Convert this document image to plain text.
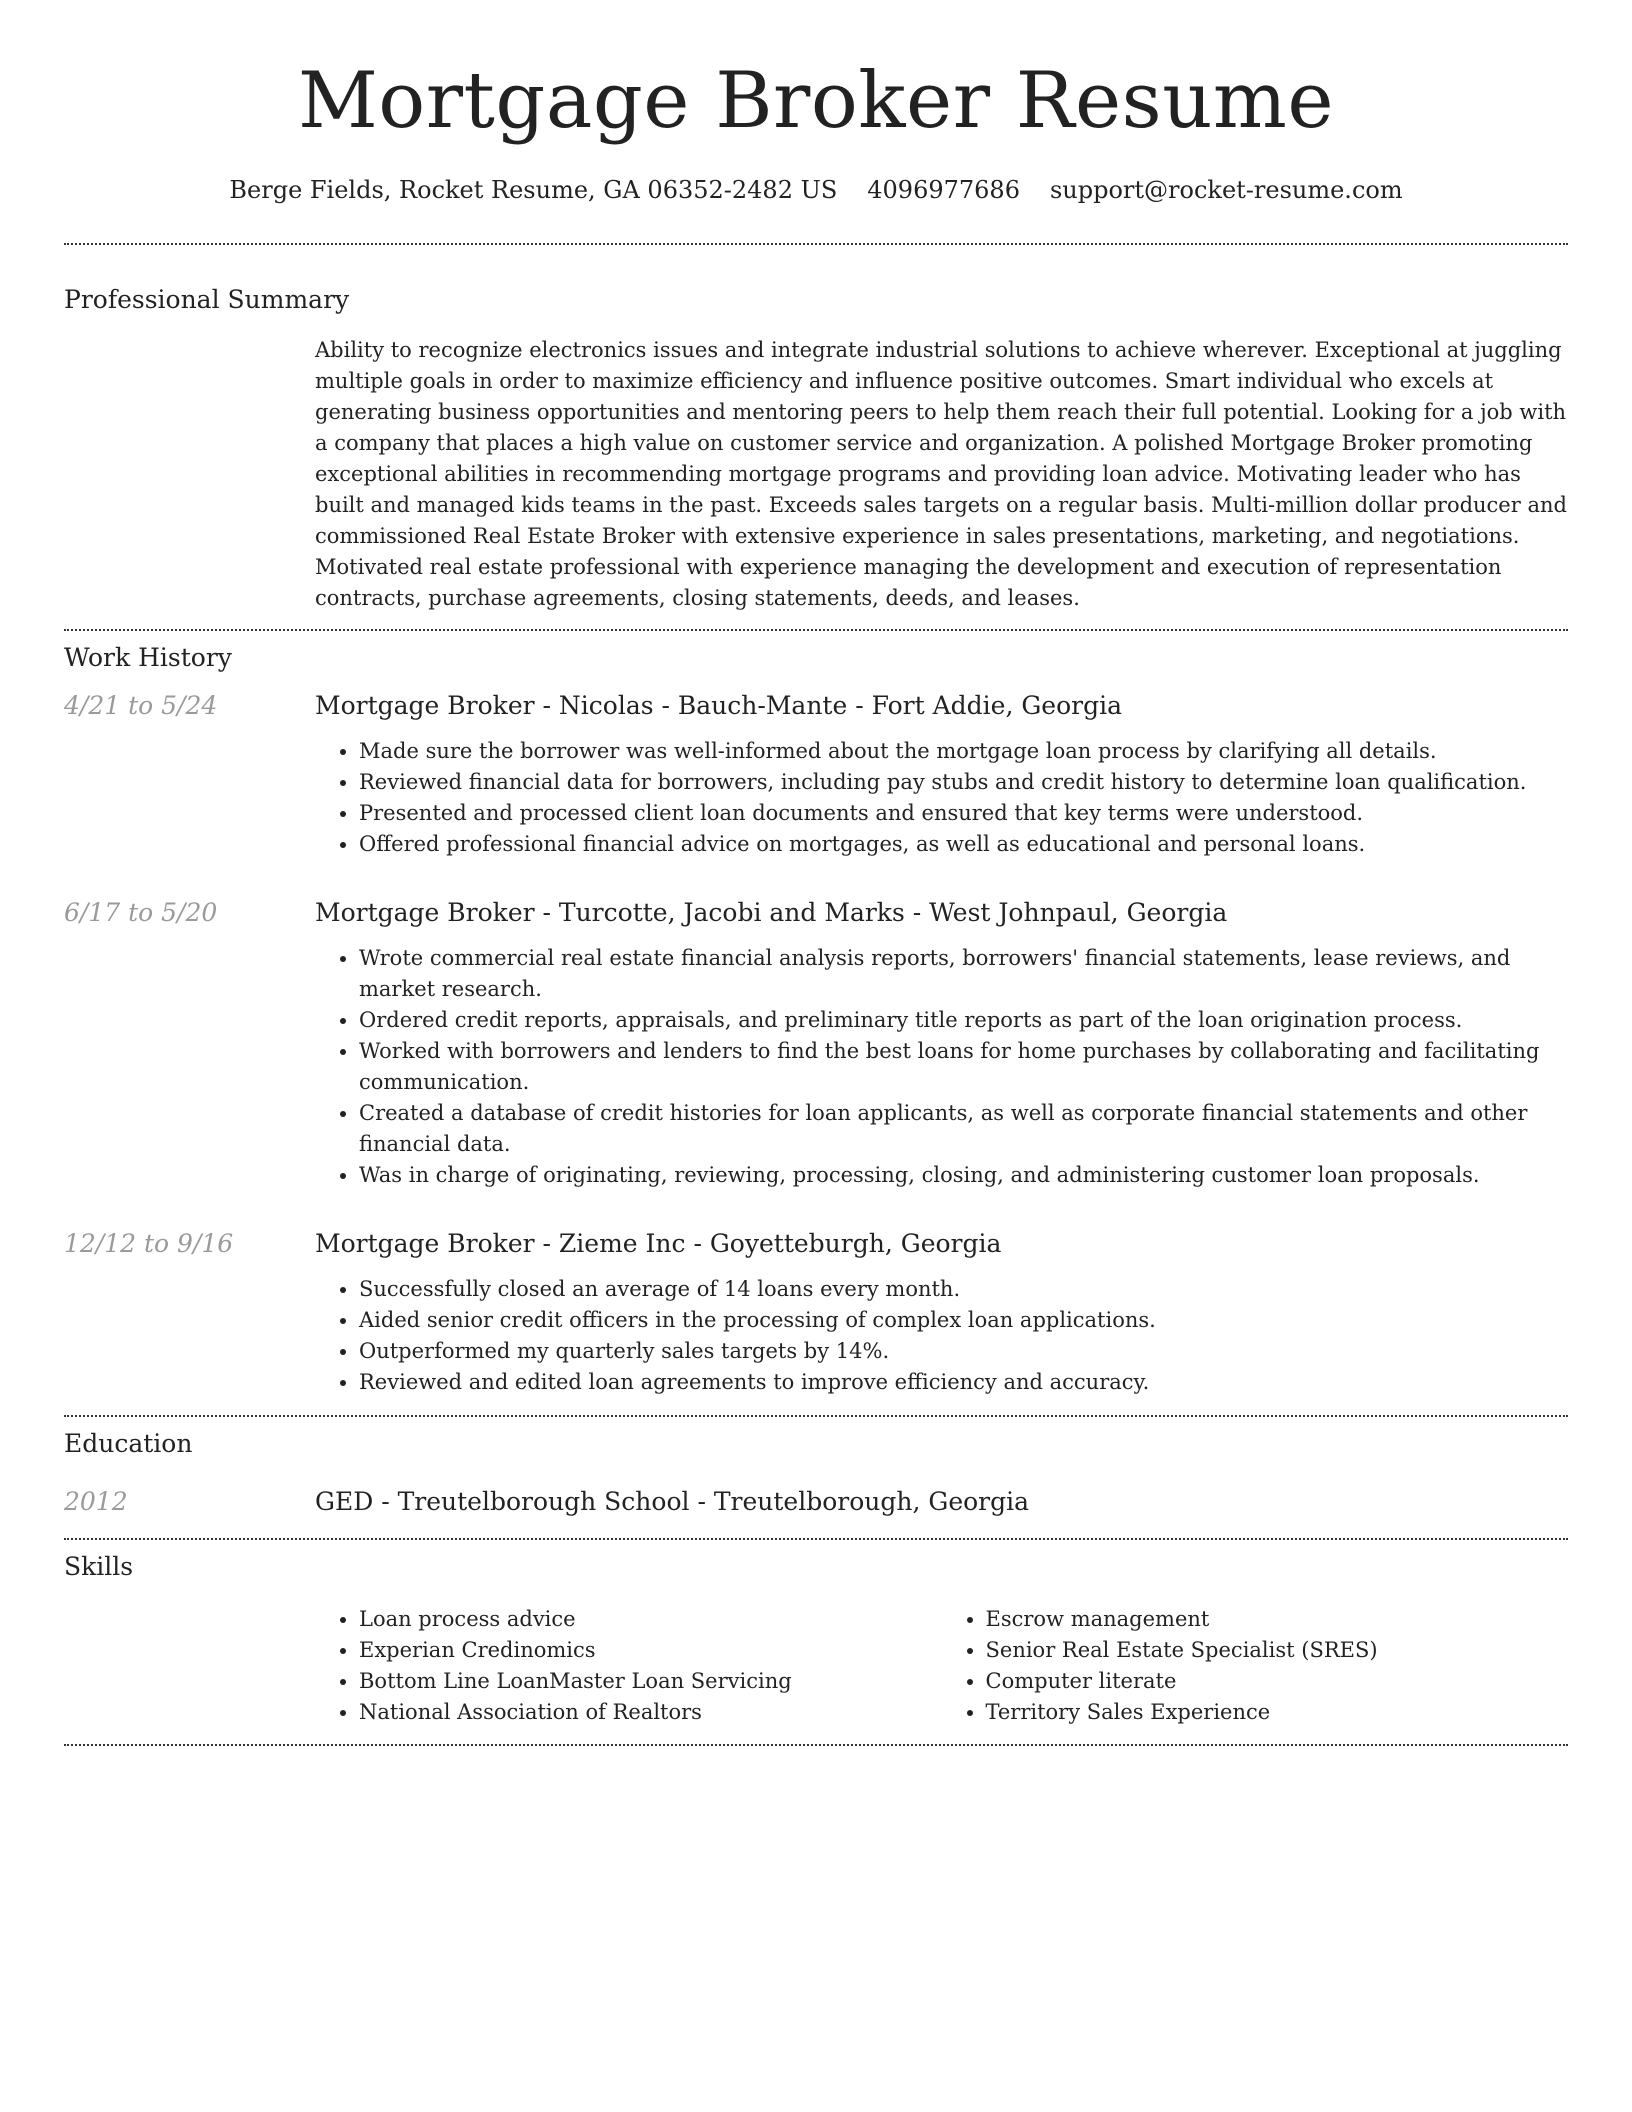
Mortgage Broker Resume
Berge Fields, Rocket Resume, GA 06352-2482 US 4096977686 support@rocket-resume.com
Professional Summary

Ability to recognize electronics issues and integrate industrial solutions to achieve wherever. Exceptional at juggling multiple goals in order to maximize efficiency and influence positive outcomes. Smart individual who excels at generating business opportunities and mentoring peers to help them reach their full potential. Looking for a job with a company that places a high value on customer service and organization. A polished Mortgage Broker promoting exceptional abilities in recommending mortgage programs and providing loan advice. Motivating leader who has built and managed kids teams in the past. Exceeds sales targets on a regular basis. Multi-million dollar producer and commissioned Real Estate Broker with extensive experience in sales presentations, marketing, and negotiations. Motivated real estate professional with experience managing the development and execution of representation contracts, purchase agreements, closing statements, deeds, and leases.

Work History
4/21 to 5/24	Mortgage Broker - Nicolas - Bauch-Mante - Fort Addie, Georgia
• Made sure the borrower was well-informed about the mortgage loan process by clarifying all details.
• Reviewed financial data for borrowers, including pay stubs and credit history to determine loan qualification.
• Presented and processed client loan documents and ensured that key terms were understood.
• Offered professional financial advice on mortgages, as well as educational and personal loans.
6/17 to 5/20	Mortgage Broker - Turcotte, Jacobi and Marks - West Johnpaul, Georgia
• Wrote commercial real estate financial analysis reports, borrowers' financial statements, lease reviews, and market research.
• Ordered credit reports, appraisals, and preliminary title reports as part of the loan origination process.
• Worked with borrowers and lenders to find the best loans for home purchases by collaborating and facilitating communication.
• Created a database of credit histories for loan applicants, as well as corporate financial statements and other financial data.
• Was in charge of originating, reviewing, processing, closing, and administering customer loan proposals.
12/12 to 9/16	Mortgage Broker - Zieme Inc - Goyetteburgh, Georgia
• Successfully closed an average of 14 loans every month.
• Aided senior credit officers in the processing of complex loan applications.
• Outperformed my quarterly sales targets by 14%.
• Reviewed and edited loan agreements to improve efficiency and accuracy.
Education
2012	GED - Treutelborough School - Treutelborough, Georgia
Skills
• Loan process advice
• Experian Credinomics
• Bottom Line LoanMaster Loan Servicing
• National Association of Realtors
• Escrow management
• Senior Real Estate Specialist (SRES)
• Computer literate
• Territory Sales Experience
